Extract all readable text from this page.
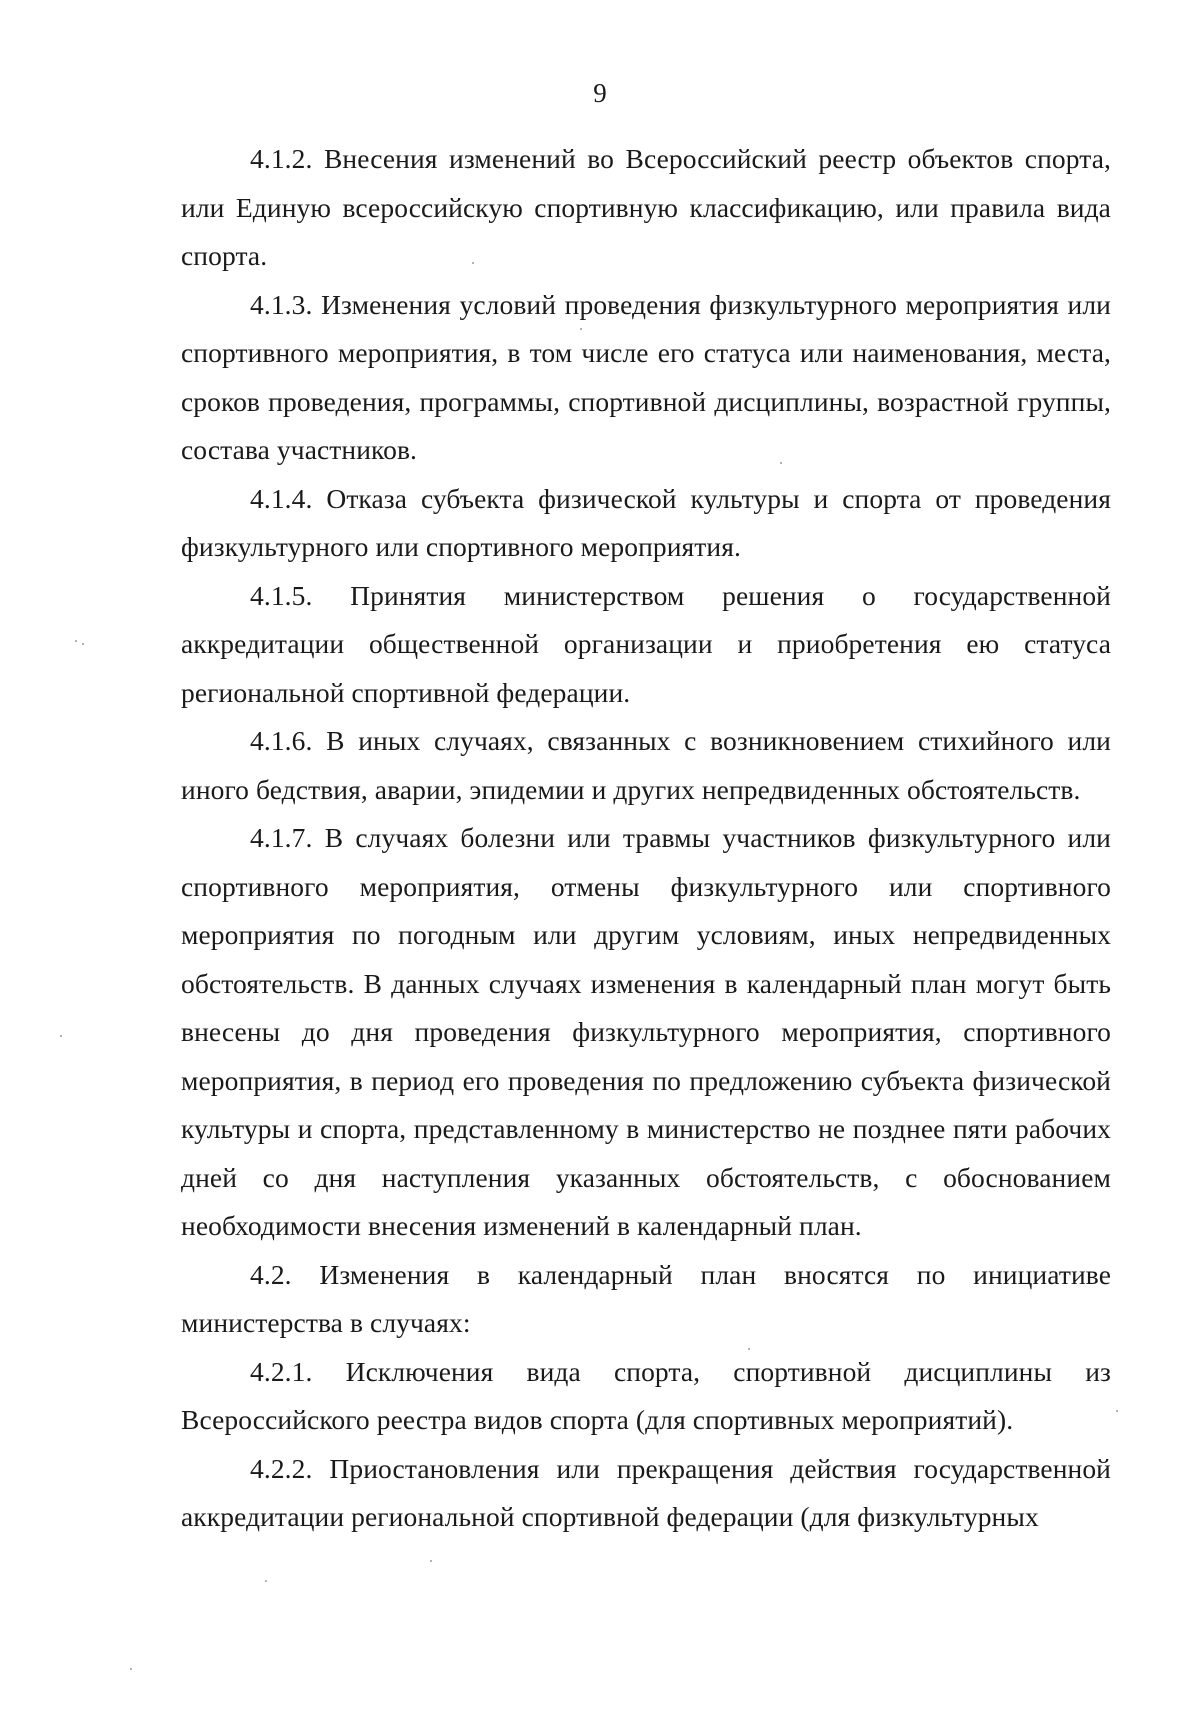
9

4.1.2. Внесения изменений во Всероссийский реестр объектов спорта, или Единую всероссийскую спортивную классификацию, или правила вида спорта.

4.1.3. Изменения условий проведения физкультурного мероприятия или спортивного мероприятия, в том числе его статуса или наименования, места, сроков проведения, программы, спортивной дисциплины, возрастной группы, состава участников.

4.1.4. Отказа субъекта физической культуры и спорта от проведения физкультурного или спортивного мероприятия.

4.1.5. Принятия министерством решения о государственной аккредитации общественной организации и приобретения ею статуса региональной спортивной федерации.

4.1.6. В иных случаях, связанных с возникновением стихийного или иного бедствия, аварии, эпидемии и других непредвиденных обстоятельств.

4.1.7. В случаях болезни или травмы участников физкультурного или спортивного мероприятия, отмены физкультурного или спортивного мероприятия по погодным или другим условиям, иных непредвиденных обстоятельств. В данных случаях изменения в календарный план могут быть внесены до дня проведения физкультурного мероприятия, спортивного мероприятия, в период его проведения по предложению субъекта физической культуры и спорта, представленному в министерство не позднее пяти рабочих дней со дня наступления указанных обстоятельств, с обоснованием необходимости внесения изменений в календарный план.

4.2. Изменения в календарный план вносятся по инициативе министерства в случаях:

4.2.1. Исключения вида спорта, спортивной дисциплины из Всероссийского реестра видов спорта (для спортивных мероприятий).

4.2.2. Приостановления или прекращения действия государственной аккредитации региональной спортивной федерации (для физкультурных
